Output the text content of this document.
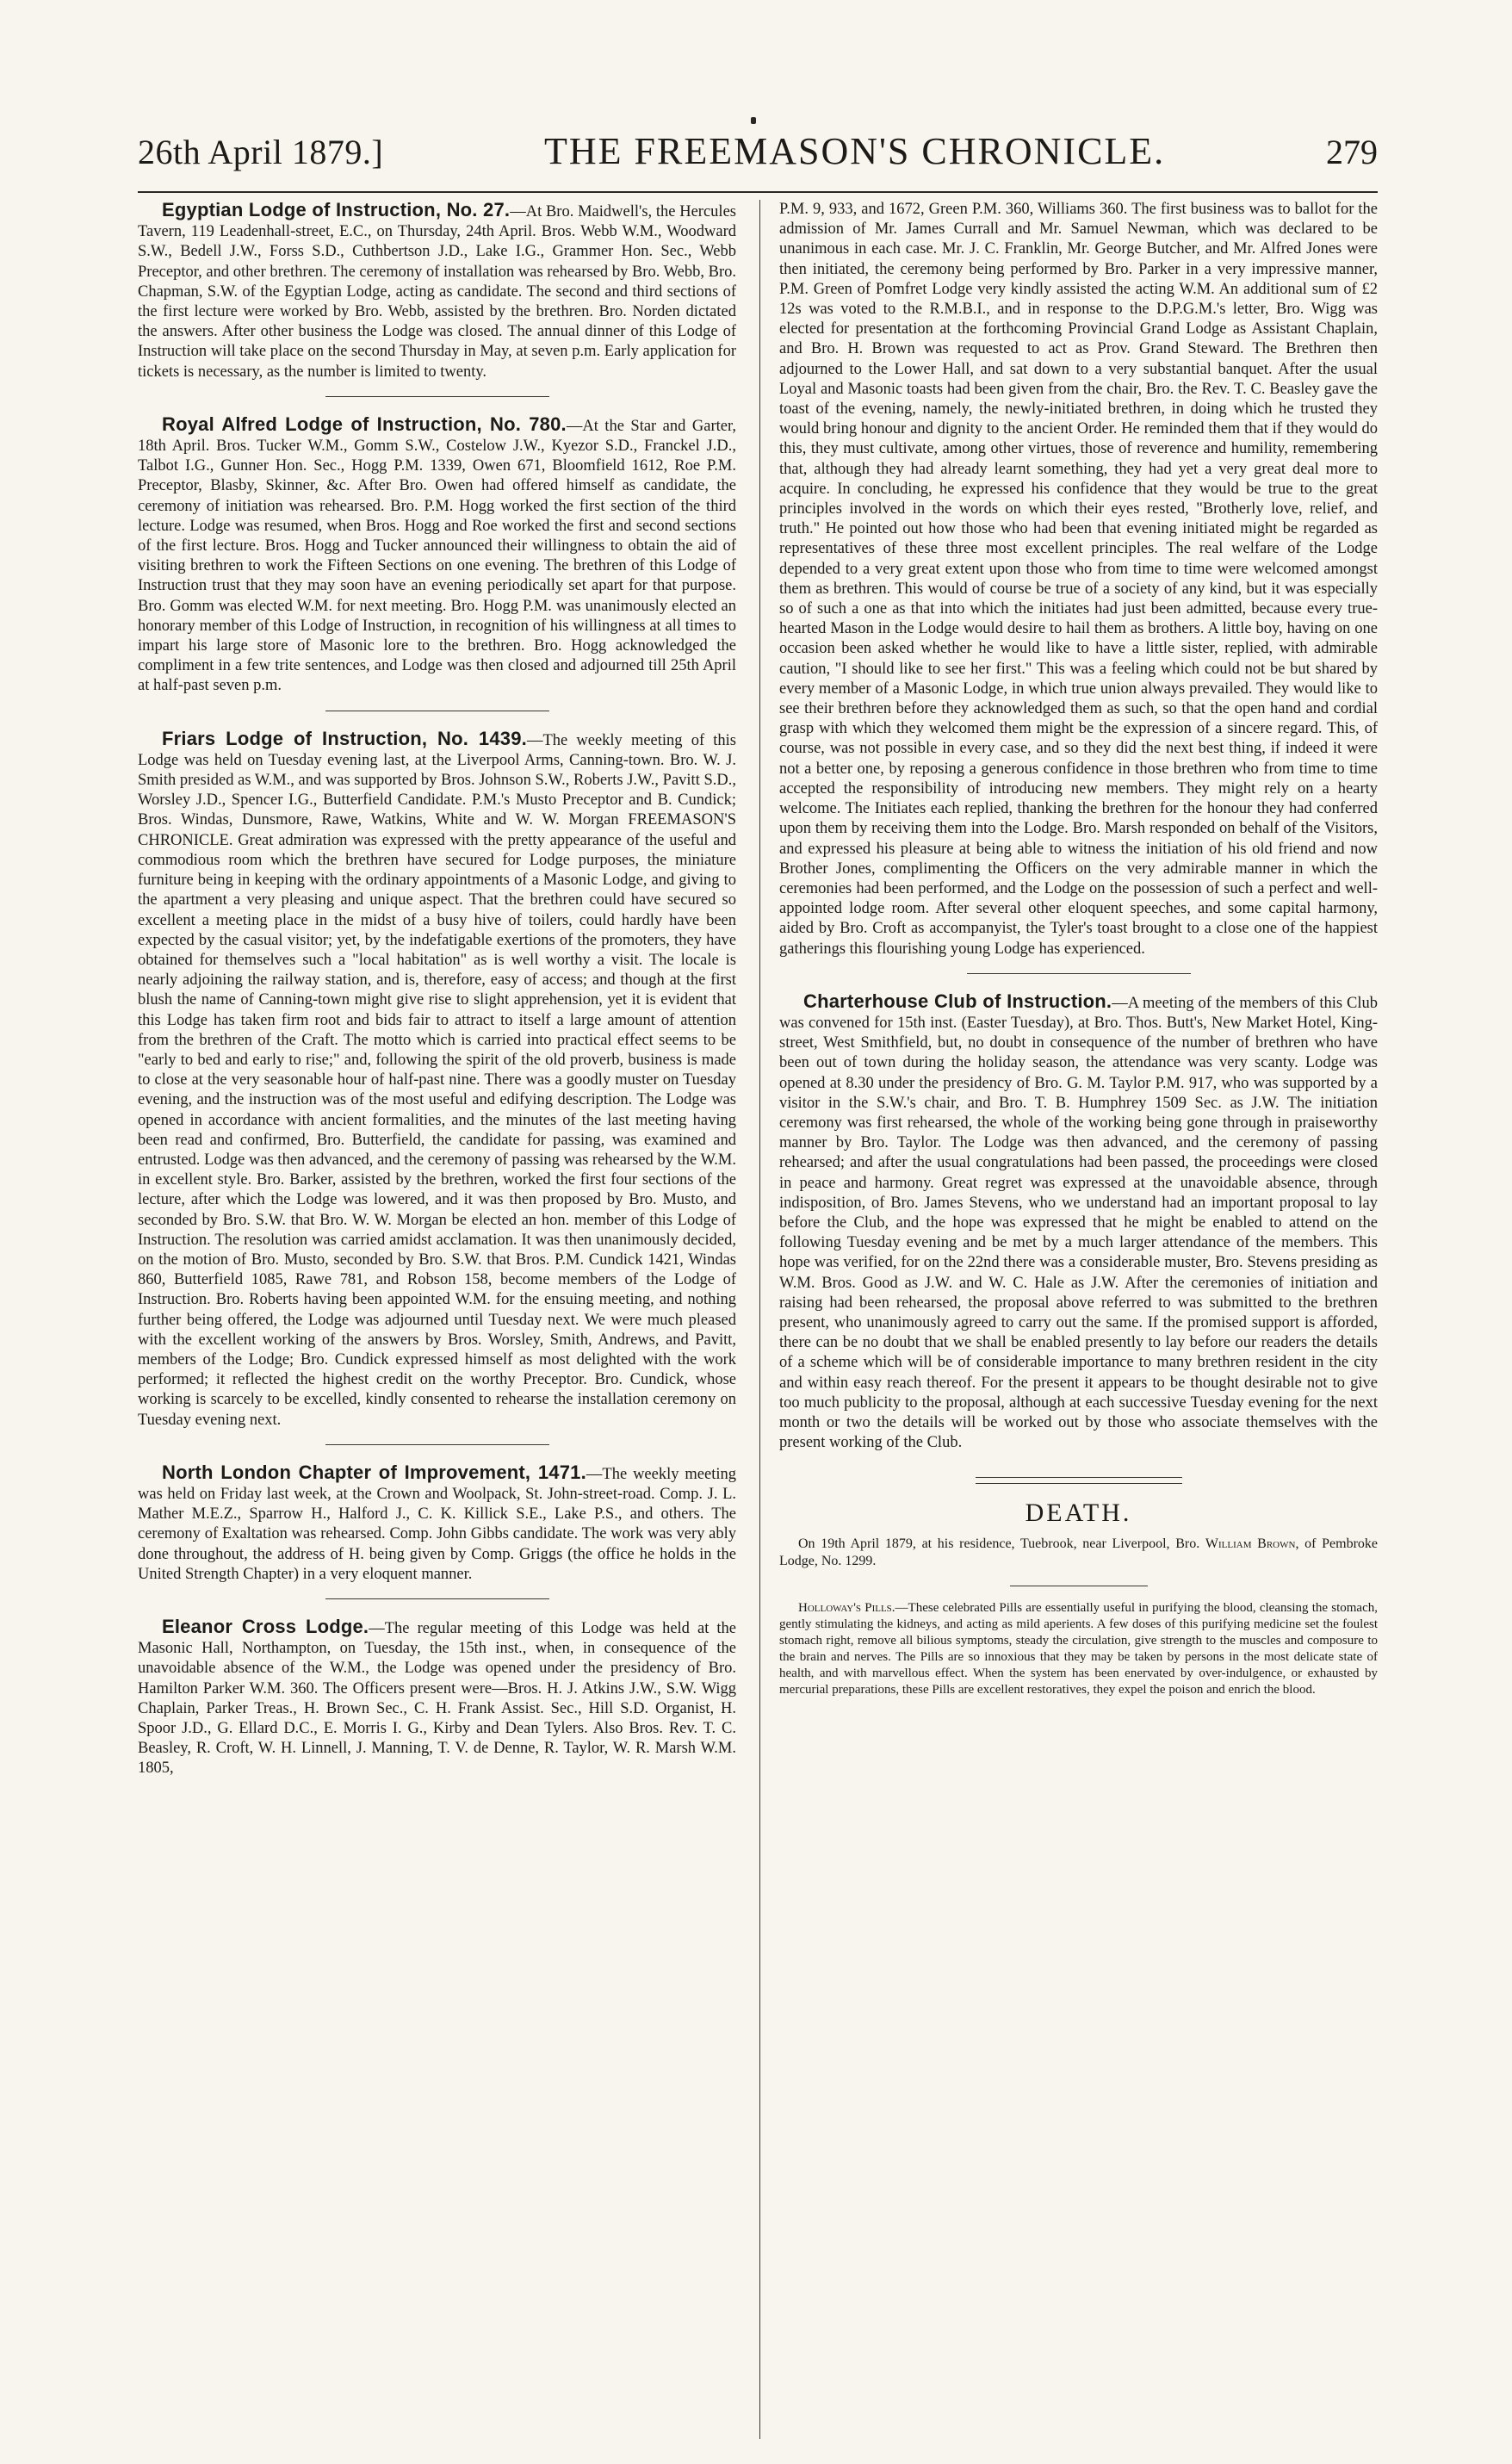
26th April 1879.]	THE FREEMASON'S CHRONICLE.	279

Egyptian Lodge of Instruction, No. 27.—At Bro. Maidwell's, the Hercules Tavern, 119 Leadenhall-street, E.C., on Thursday, 24th April. Bros. Webb W.M., Woodward S.W., Bedell J.W., Forss S.D., Cuthbertson J.D., Lake I.G., Grammer Hon. Sec., Webb Preceptor, and other brethren. The ceremony of installation was rehearsed by Bro. Webb, Bro. Chapman, S.W. of the Egyptian Lodge, acting as candidate. The second and third sections of the first lecture were worked by Bro. Webb, assisted by the brethren. Bro. Norden dictated the answers. After other business the Lodge was closed. The annual dinner of this Lodge of Instruction will take place on the second Thursday in May, at seven p.m. Early application for tickets is necessary, as the number is limited to twenty.

Royal Alfred Lodge of Instruction, No. 780.—At the Star and Garter, 18th April. Bros. Tucker W.M., Gomm S.W., Costelow J.W., Kyezor S.D., Franckel J.D., Talbot I.G., Gunner Hon. Sec., Hogg P.M. 1339, Owen 671, Bloomfield 1612, Roe P.M. Preceptor, Blasby, Skinner, &c. After Bro. Owen had offered himself as candidate, the ceremony of initiation was rehearsed. Bro. P.M. Hogg worked the first section of the third lecture. Lodge was resumed, when Bros. Hogg and Roe worked the first and second sections of the first lecture. Bros. Hogg and Tucker announced their willingness to obtain the aid of visiting brethren to work the Fifteen Sections on one evening. The brethren of this Lodge of Instruction trust that they may soon have an evening periodically set apart for that purpose. Bro. Gomm was elected W.M. for next meeting. Bro. Hogg P.M. was unanimously elected an honorary member of this Lodge of Instruction, in recognition of his willingness at all times to impart his large store of Masonic lore to the brethren. Bro. Hogg acknowledged the compliment in a few trite sentences, and Lodge was then closed and adjourned till 25th April at half-past seven p.m.

Friars Lodge of Instruction, No. 1439.—The weekly meeting of this Lodge was held on Tuesday evening last, at the Liverpool Arms, Canning-town. Bro. W. J. Smith presided as W.M., and was supported by Bros. Johnson S.W., Roberts J.W., Pavitt S.D., Worsley J.D., Spencer I.G., Butterfield Candidate. P.M.'s Musto Preceptor and B. Cundick; Bros. Windas, Dunsmore, Rawe, Watkins, White and W. W. Morgan FREEMASON'S CHRONICLE. Great admiration was expressed with the pretty appearance of the useful and commodious room which the brethren have secured for Lodge purposes, the miniature furniture being in keeping with the ordinary appointments of a Masonic Lodge, and giving to the apartment a very pleasing and unique aspect. That the brethren could have secured so excellent a meeting place in the midst of a busy hive of toilers, could hardly have been expected by the casual visitor; yet, by the indefatigable exertions of the promoters, they have obtained for themselves such a "local habitation" as is well worthy a visit. The locale is nearly adjoining the railway station, and is, therefore, easy of access; and though at the first blush the name of Canning-town might give rise to slight apprehension, yet it is evident that this Lodge has taken firm root and bids fair to attract to itself a large amount of attention from the brethren of the Craft. The motto which is carried into practical effect seems to be "early to bed and early to rise;" and, following the spirit of the old proverb, business is made to close at the very seasonable hour of half-past nine. There was a goodly muster on Tuesday evening, and the instruction was of the most useful and edifying description. The Lodge was opened in accordance with ancient formalities, and the minutes of the last meeting having been read and confirmed, Bro. Butterfield, the candidate for passing, was examined and entrusted. Lodge was then advanced, and the ceremony of passing was rehearsed by the W.M. in excellent style. Bro. Barker, assisted by the brethren, worked the first four sections of the lecture, after which the Lodge was lowered, and it was then proposed by Bro. Musto, and seconded by Bro. S.W. that Bro. W. W. Morgan be elected an hon. member of this Lodge of Instruction. The resolution was carried amidst acclamation. It was then unanimously decided, on the motion of Bro. Musto, seconded by Bro. S.W. that Bros. P.M. Cundick 1421, Windas 860, Butterfield 1085, Rawe 781, and Robson 158, become members of the Lodge of Instruction. Bro. Roberts having been appointed W.M. for the ensuing meeting, and nothing further being offered, the Lodge was adjourned until Tuesday next. We were much pleased with the excellent working of the answers by Bros. Worsley, Smith, Andrews, and Pavitt, members of the Lodge; Bro. Cundick expressed himself as most delighted with the work performed; it reflected the highest credit on the worthy Preceptor. Bro. Cundick, whose working is scarcely to be excelled, kindly consented to rehearse the installation ceremony on Tuesday evening next.

North London Chapter of Improvement, 1471.—The weekly meeting was held on Friday last week, at the Crown and Woolpack, St. John-street-road. Comp. J. L. Mather M.E.Z., Sparrow H., Halford J., C. K. Killick S.E., Lake P.S., and others. The ceremony of Exaltation was rehearsed. Comp. John Gibbs candidate. The work was very ably done throughout, the address of H. being given by Comp. Griggs (the office he holds in the United Strength Chapter) in a very eloquent manner.

Eleanor Cross Lodge.—The regular meeting of this Lodge was held at the Masonic Hall, Northampton, on Tuesday, the 15th inst., when, in consequence of the unavoidable absence of the W.M., the Lodge was opened under the presidency of Bro. Hamilton Parker W.M. 360. The Officers present were—Bros. H. J. Atkins J.W., S.W. Wigg Chaplain, Parker Treas., H. Brown Sec., C. H. Frank Assist. Sec., Hill S.D. Organist, H. Spoor J.D., G. Ellard D.C., E. Morris I. G., Kirby and Dean Tylers. Also Bros. Rev. T. C. Beasley, R. Croft, W. H. Linnell, J. Manning, T. V. de Denne, R. Taylor, W. R. Marsh W.M. 1805,

P.M. 9, 933, and 1672, Green P.M. 360, Williams 360. The first business was to ballot for the admission of Mr. James Currall and Mr. Samuel Newman, which was declared to be unanimous in each case. Mr. J. C. Franklin, Mr. George Butcher, and Mr. Alfred Jones were then initiated, the ceremony being performed by Bro. Parker in a very impressive manner, P.M. Green of Pomfret Lodge very kindly assisted the acting W.M. An additional sum of £2 12s was voted to the R.M.B.I., and in response to the D.P.G.M.'s letter, Bro. Wigg was elected for presentation at the forthcoming Provincial Grand Lodge as Assistant Chaplain, and Bro. H. Brown was requested to act as Prov. Grand Steward. The Brethren then adjourned to the Lower Hall, and sat down to a very substantial banquet. After the usual Loyal and Masonic toasts had been given from the chair, Bro. the Rev. T. C. Beasley gave the toast of the evening, namely, the newly-initiated brethren, in doing which he trusted they would bring honour and dignity to the ancient Order. He reminded them that if they would do this, they must cultivate, among other virtues, those of reverence and humility, remembering that, although they had already learnt something, they had yet a very great deal more to acquire. In concluding, he expressed his confidence that they would be true to the great principles involved in the words on which their eyes rested, "Brotherly love, relief, and truth." He pointed out how those who had been that evening initiated might be regarded as representatives of these three most excellent principles. The real welfare of the Lodge depended to a very great extent upon those who from time to time were welcomed amongst them as brethren. This would of course be true of a society of any kind, but it was especially so of such a one as that into which the initiates had just been admitted, because every true-hearted Mason in the Lodge would desire to hail them as brothers. A little boy, having on one occasion been asked whether he would like to have a little sister, replied, with admirable caution, "I should like to see her first." This was a feeling which could not be but shared by every member of a Masonic Lodge, in which true union always prevailed. They would like to see their brethren before they acknowledged them as such, so that the open hand and cordial grasp with which they welcomed them might be the expression of a sincere regard. This, of course, was not possible in every case, and so they did the next best thing, if indeed it were not a better one, by reposing a generous confidence in those brethren who from time to time accepted the responsibility of introducing new members. They might rely on a hearty welcome. The Initiates each replied, thanking the brethren for the honour they had conferred upon them by receiving them into the Lodge. Bro. Marsh responded on behalf of the Visitors, and expressed his pleasure at being able to witness the initiation of his old friend and now Brother Jones, complimenting the Officers on the very admirable manner in which the ceremonies had been performed, and the Lodge on the possession of such a perfect and well-appointed lodge room. After several other eloquent speeches, and some capital harmony, aided by Bro. Croft as accompanyist, the Tyler's toast brought to a close one of the happiest gatherings this flourishing young Lodge has experienced.

Charterhouse Club of Instruction.—A meeting of the members of this Club was convened for 15th inst. (Easter Tuesday), at Bro. Thos. Butt's, New Market Hotel, King-street, West Smithfield, but, no doubt in consequence of the number of brethren who have been out of town during the holiday season, the attendance was very scanty. Lodge was opened at 8.30 under the presidency of Bro. G. M. Taylor P.M. 917, who was supported by a visitor in the S.W.'s chair, and Bro. T. B. Humphrey 1509 Sec. as J.W. The initiation ceremony was first rehearsed, the whole of the working being gone through in praiseworthy manner by Bro. Taylor. The Lodge was then advanced, and the ceremony of passing rehearsed; and after the usual congratulations had been passed, the proceedings were closed in peace and harmony. Great regret was expressed at the unavoidable absence, through indisposition, of Bro. James Stevens, who we understand had an important proposal to lay before the Club, and the hope was expressed that he might be enabled to attend on the following Tuesday evening and be met by a much larger attendance of the members. This hope was verified, for on the 22nd there was a considerable muster, Bro. Stevens presiding as W.M. Bros. Good as J.W. and W. C. Hale as J.W. After the ceremonies of initiation and raising had been rehearsed, the proposal above referred to was submitted to the brethren present, who unanimously agreed to carry out the same. If the promised support is afforded, there can be no doubt that we shall be enabled presently to lay before our readers the details of a scheme which will be of considerable importance to many brethren resident in the city and within easy reach thereof. For the present it appears to be thought desirable not to give too much publicity to the proposal, although at each successive Tuesday evening for the next month or two the details will be worked out by those who associate themselves with the present working of the Club.

DEATH.

On 19th April 1879, at his residence, Tuebrook, near Liverpool, Bro. William Brown, of Pembroke Lodge, No. 1299.

Holloway's Pills.—These celebrated Pills are essentially useful in purifying the blood, cleansing the stomach, gently stimulating the kidneys, and acting as mild aperients. A few doses of this purifying medicine set the foulest stomach right, remove all bilious symptoms, steady the circulation, give strength to the muscles and composure to the brain and nerves. The Pills are so innoxious that they may be taken by persons in the most delicate state of health, and with marvellous effect. When the system has been enervated by over-indulgence, or exhausted by mercurial preparations, these Pills are excellent restoratives, they expel the poison and enrich the blood.
